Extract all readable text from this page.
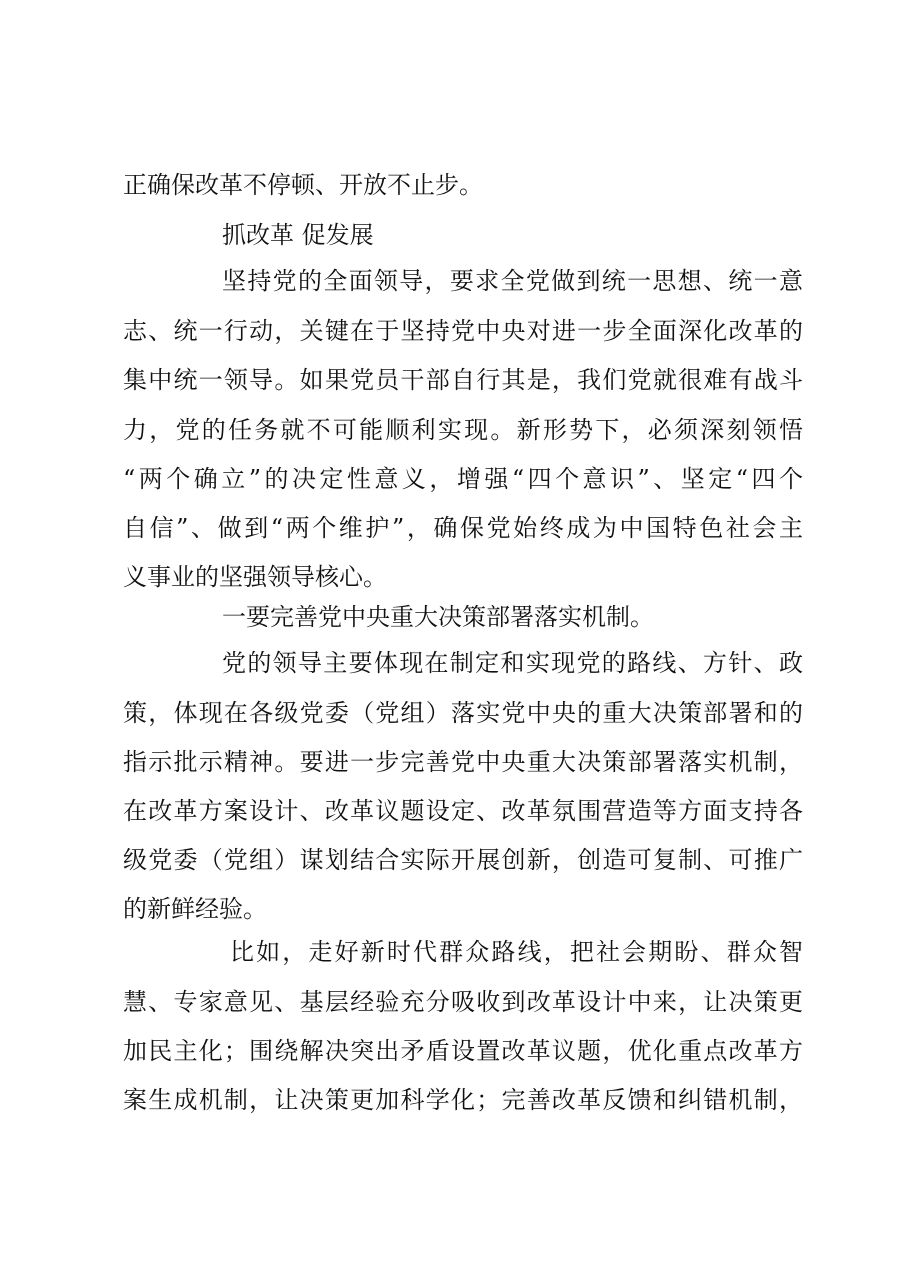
正确保改革不停顿、开放不止步。
抓改革 促发展
坚持党的全面领导，要求全党做到统一思想、统一意
志、统一行动，关键在于坚持党中央对进一步全面深化改革的
集中统一领导。如果党员干部自行其是，我们党就很难有战斗
力，党的任务就不可能顺利实现。新形势下，必须深刻领悟
“两个确立”的决定性意义，增强“四个意识”、坚定“四个
自信”、做到“两个维护”，确保党始终成为中国特色社会主
义事业的坚强领导核心。
一要完善党中央重大决策部署落实机制。
党的领导主要体现在制定和实现党的路线、方针、政
策，体现在各级党委（党组）落实党中央的重大决策部署和的
指示批示精神。要进一步完善党中央重大决策部署落实机制，
在改革方案设计、改革议题设定、改革氛围营造等方面支持各
级党委（党组）谋划结合实际开展创新，创造可复制、可推广
的新鲜经验。
比如，走好新时代群众路线，把社会期盼、群众智
慧、专家意见、基层经验充分吸收到改革设计中来，让决策更
加民主化；围绕解决突出矛盾设置改革议题，优化重点改革方
案生成机制，让决策更加科学化；完善改革反馈和纠错机制，
